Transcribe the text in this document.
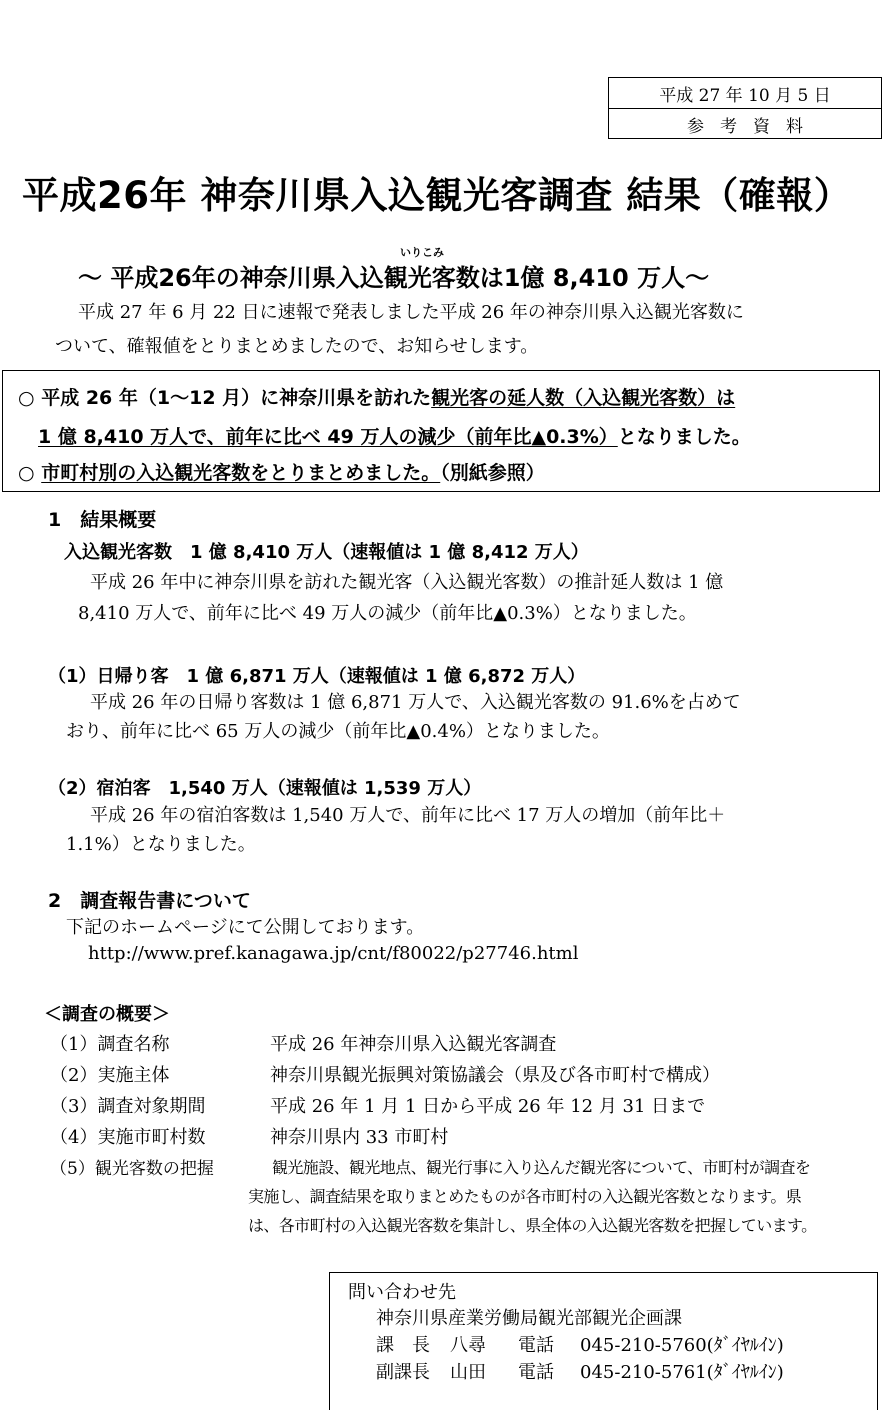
平成 27 年 10 月 5 日
参考資料
平成26年 神奈川県入込観光客調査 結果（確報）
いりこみ
～ 平成26年の神奈川県入込観光客数は1億 8,410 万人～
平成 27 年 6 月 22 日に速報で発表しました平成 26 年の神奈川県入込観光客数に
ついて、確報値をとりまとめましたので、お知らせします。
○ 平成 26 年（1～12 月）に神奈川県を訪れた観光客の延人数（入込観光客数）は
1 億 8,410 万人で、前年に比べ 49 万人の減少（前年比▲0.3%）となりました。
○ 市町村別の入込観光客数をとりまとめました。（別紙参照）
1　結果概要
入込観光客数　1 億 8,410 万人（速報値は 1 億 8,412 万人）
平成 26 年中に神奈川県を訪れた観光客（入込観光客数）の推計延人数は 1 億
8,410 万人で、前年に比べ 49 万人の減少（前年比▲0.3%）となりました。
（1）日帰り客　1 億 6,871 万人（速報値は 1 億 6,872 万人）
平成 26 年の日帰り客数は 1 億 6,871 万人で、入込観光客数の 91.6%を占めて
おり、前年に比べ 65 万人の減少（前年比▲0.4%）となりました。
（2）宿泊客　1,540 万人（速報値は 1,539 万人）
平成 26 年の宿泊客数は 1,540 万人で、前年に比べ 17 万人の増加（前年比＋
1.1%）となりました。
2　調査報告書について
下記のホームページにて公開しております。
http://www.pref.kanagawa.jp/cnt/f80022/p27746.html
＜調査の概要＞
（1）調査名称	平成 26 年神奈川県入込観光客調査
（2）実施主体	神奈川県観光振興対策協議会（県及び各市町村で構成）
（3）調査対象期間	平成 26 年 1 月 1 日から平成 26 年 12 月 31 日まで
（4）実施市町村数	神奈川県内 33 市町村
（5）観光客数の把握	観光施設、観光地点、観光行事に入り込んだ観光客について、市町村が調査を
実施し、調査結果を取りまとめたものが各市町村の入込観光客数となります。県
は、各市町村の入込観光客数を集計し、県全体の入込観光客数を把握しています。
問い合わせ先
神奈川県産業労働局観光部観光企画課
課　長 八尋 電話 045-210-5760(ﾀﾞｲﾔﾙｲﾝ)
副課長 山田 電話 045-210-5761(ﾀﾞｲﾔﾙｲﾝ)
